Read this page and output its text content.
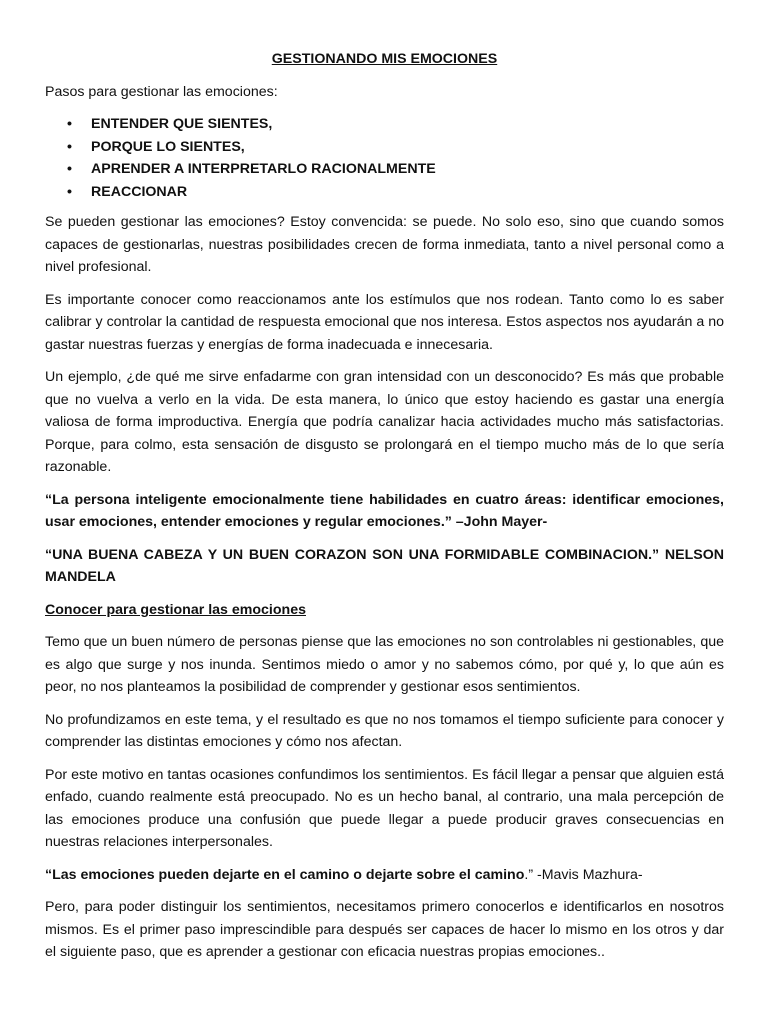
GESTIONANDO MIS EMOCIONES

Pasos para gestionar las emociones:

• ENTENDER QUE SIENTES,
• PORQUE LO SIENTES,
• APRENDER A INTERPRETARLO RACIONALMENTE
• REACCIONAR

Se pueden gestionar las emociones? Estoy convencida: se puede. No solo eso, sino que cuando somos capaces de gestionarlas, nuestras posibilidades crecen de forma inmediata, tanto a nivel personal como a nivel profesional.

Es importante conocer como reaccionamos ante los estímulos que nos rodean. Tanto como lo es saber calibrar y controlar la cantidad de respuesta emocional que nos interesa. Estos aspectos nos ayudarán a no gastar nuestras fuerzas y energías de forma inadecuada e innecesaria.

Un ejemplo, ¿de qué me sirve enfadarme con gran intensidad con un desconocido? Es más que probable que no vuelva a verlo en la vida. De esta manera, lo único que estoy haciendo es gastar una energía valiosa de forma improductiva. Energía que podría canalizar hacia actividades mucho más satisfactorias. Porque, para colmo, esta sensación de disgusto se prolongará en el tiempo mucho más de lo que sería razonable.

“La persona inteligente emocionalmente tiene habilidades en cuatro áreas: identificar emociones, usar emociones, entender emociones y regular emociones.” –John Mayer-

“UNA BUENA CABEZA Y UN BUEN CORAZON SON UNA FORMIDABLE COMBINACION.” NELSON MANDELA

Conocer para gestionar las emociones

Temo que un buen número de personas piense que las emociones no son controlables ni gestionables, que es algo que surge y nos inunda. Sentimos miedo o amor y no sabemos cómo, por qué y, lo que aún es peor, no nos planteamos la posibilidad de comprender y gestionar esos sentimientos.

No profundizamos en este tema, y el resultado es que no nos tomamos el tiempo suficiente para conocer y comprender las distintas emociones y cómo nos afectan.

Por este motivo en tantas ocasiones confundimos los sentimientos. Es fácil llegar a pensar que alguien está enfado, cuando realmente está preocupado. No es un hecho banal, al contrario, una mala percepción de las emociones produce una confusión que puede llegar a puede producir graves consecuencias en nuestras relaciones interpersonales.

“Las emociones pueden dejarte en el camino o dejarte sobre el camino.” -Mavis Mazhura-

Pero, para poder distinguir los sentimientos, necesitamos primero conocerlos e identificarlos en nosotros mismos. Es el primer paso imprescindible para después ser capaces de hacer lo mismo en los otros y dar el siguiente paso, que es aprender a gestionar con eficacia nuestras propias emociones..
